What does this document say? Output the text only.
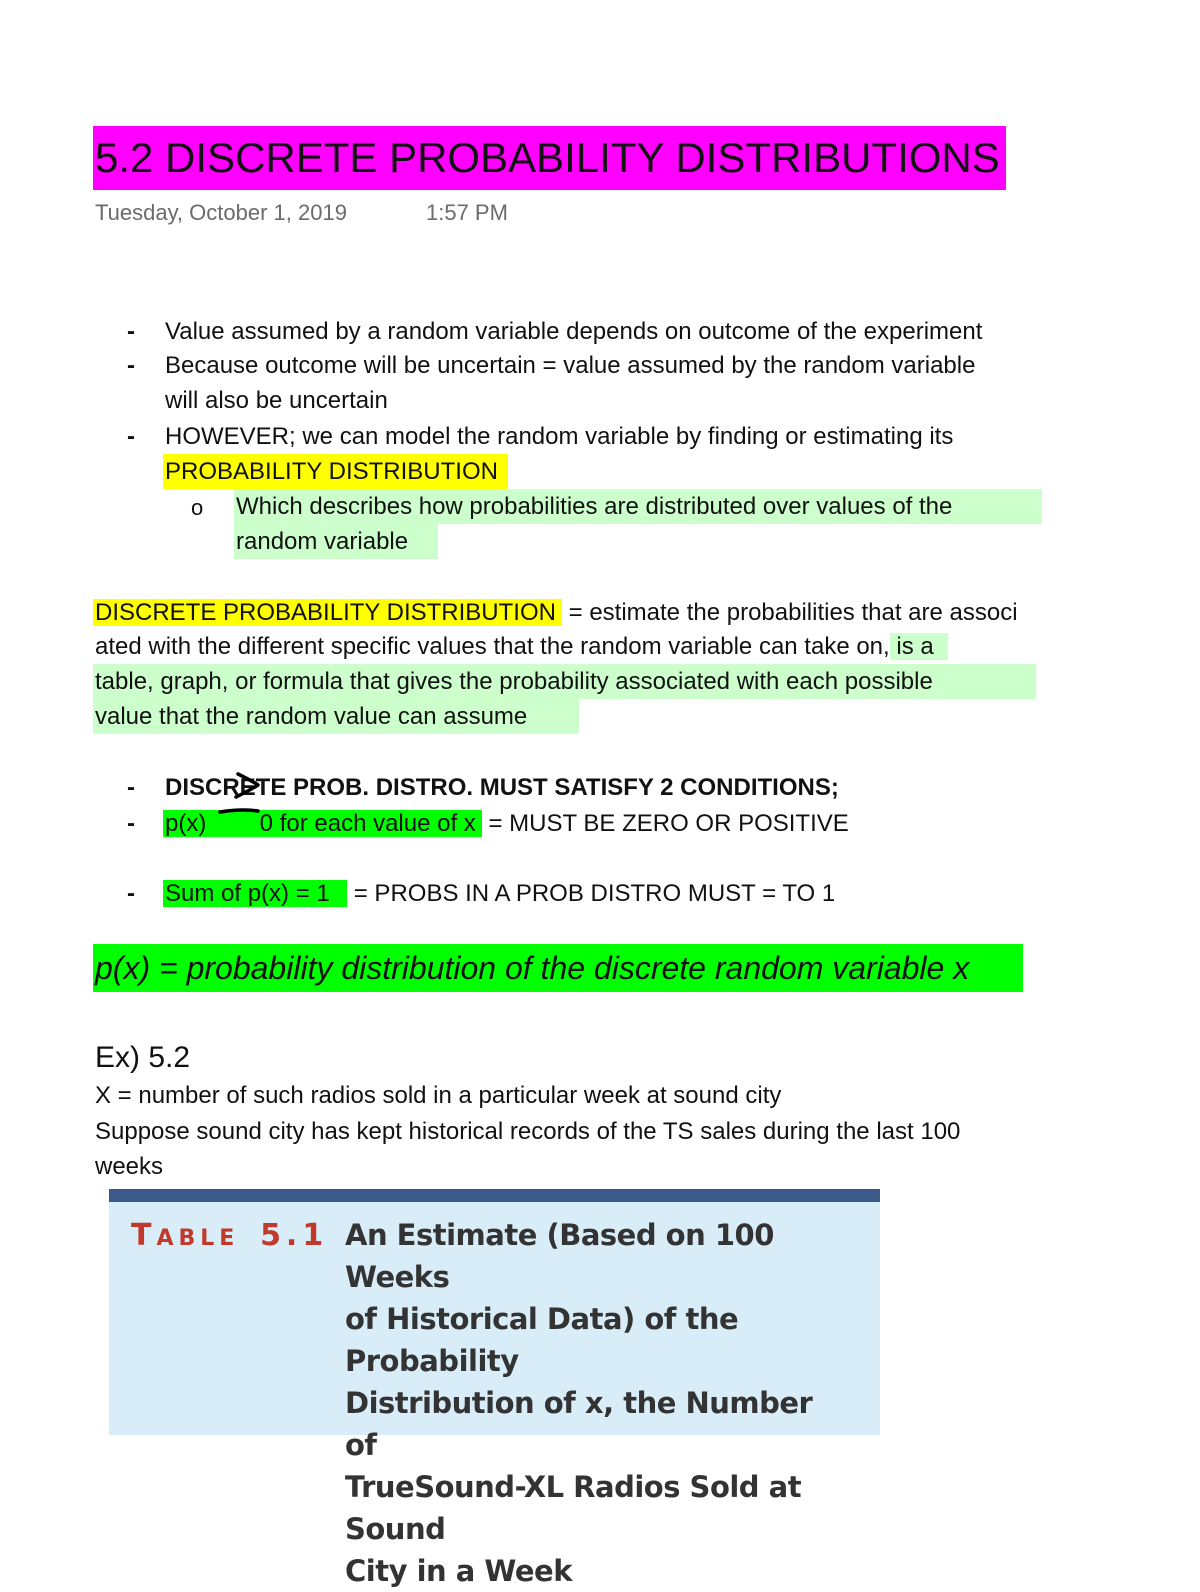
5.2 DISCRETE PROBABILITY DISTRIBUTIONS
Tuesday, October 1, 2019	1:57 PM
- Value assumed by a random variable depends on outcome of the experiment
- Because outcome will be uncertain = value assumed by the random variable
will also be uncertain
- HOWEVER; we can model the random variable by finding or estimating its
PROBABILITY DISTRIBUTION
o Which describes how probabilities are distributed over values of the
random variable
DISCRETE PROBABILITY DISTRIBUTION = estimate the probabilities that are associ
ated with the different specific values that the random variable can take on, is a
table, graph, or formula that gives the probability associated with each possible
value that the random value can assume
- DISCRETE PROB. DISTRO. MUST SATISFY 2 CONDITIONS;
- p(x)        0 for each value of x = MUST BE ZERO OR POSITIVE
- Sum of p(x) = 1   = PROBS IN A PROB DISTRO MUST = TO 1
p(x) = probability distribution of the discrete random variable x
Ex) 5.2
X = number of such radios sold in a particular week at sound city
Suppose sound city has kept historical records of the TS sales during the last 100
weeks
TABLE 5.1 An Estimate (Based on 100 Weeks
of Historical Data) of the Probability
Distribution of x, the Number of
TrueSound-XL Radios Sold at Sound
City in a Week
